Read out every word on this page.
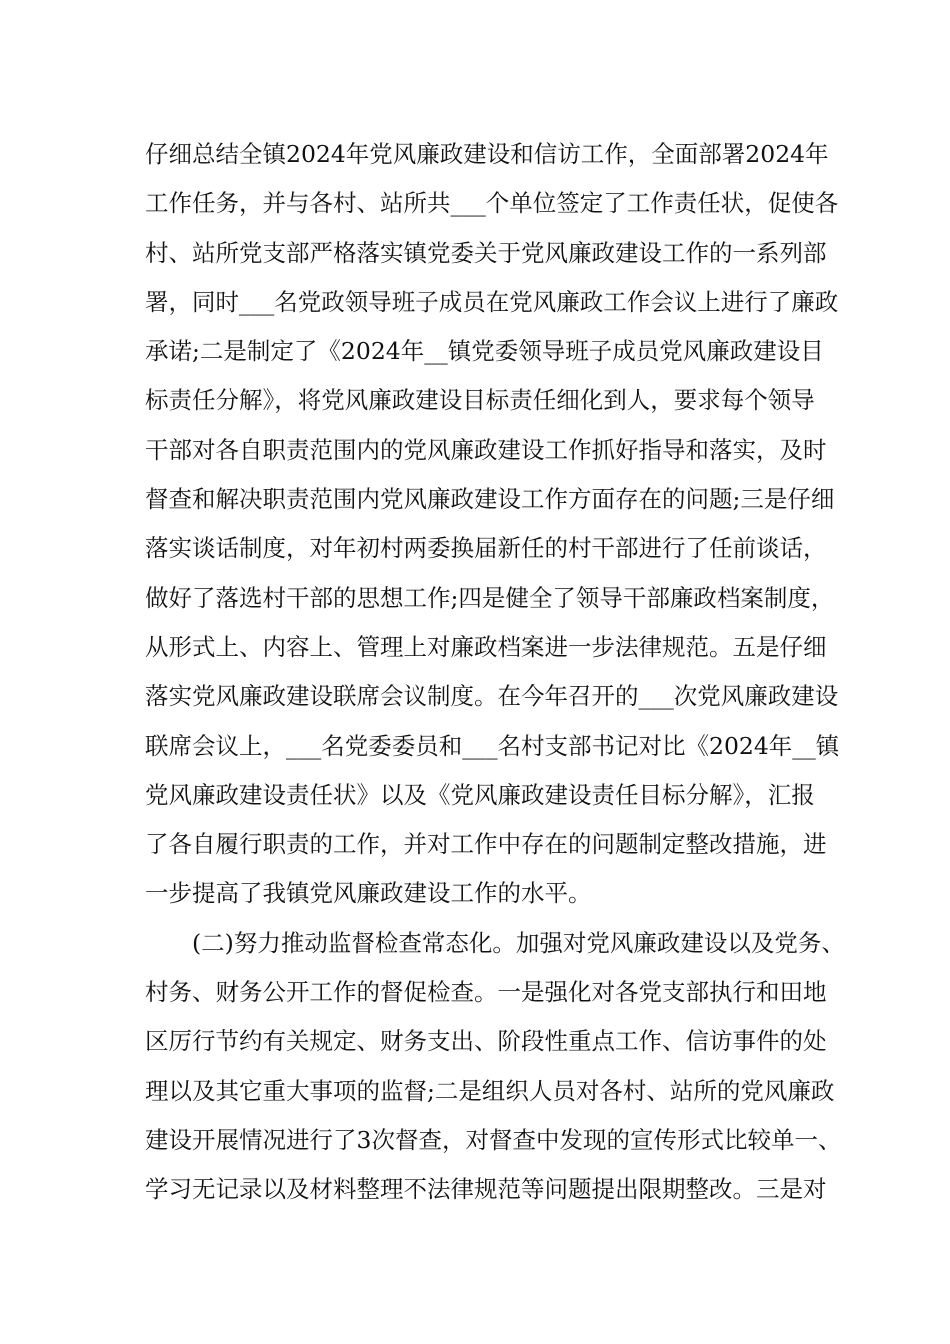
仔细总结全镇2024年党风廉政建设和信访工作，全面部署2024年
工作任务，并与各村、站所共___个单位签定了工作责任状，促使各
村、站所党支部严格落实镇党委关于党风廉政建设工作的一系列部
署，同时___名党政领导班子成员在党风廉政工作会议上进行了廉政
承诺;二是制定了《2024年__镇党委领导班子成员党风廉政建设目
标责任分解》，将党风廉政建设目标责任细化到人，要求每个领导
干部对各自职责范围内的党风廉政建设工作抓好指导和落实，及时
督查和解决职责范围内党风廉政建设工作方面存在的问题;三是仔细
落实谈话制度，对年初村两委换届新任的村干部进行了任前谈话，
做好了落选村干部的思想工作;四是健全了领导干部廉政档案制度，
从形式上、内容上、管理上对廉政档案进一步法律规范。五是仔细
落实党风廉政建设联席会议制度。在今年召开的___次党风廉政建设
联席会议上，___名党委委员和___名村支部书记对比《2024年__镇
党风廉政建设责任状》以及《党风廉政建设责任目标分解》，汇报
了各自履行职责的工作，并对工作中存在的问题制定整改措施，进
一步提高了我镇党风廉政建设工作的水平。
　　(二)努力推动监督检查常态化。加强对党风廉政建设以及党务、
村务、财务公开工作的督促检查。一是强化对各党支部执行和田地
区厉行节约有关规定、财务支出、阶段性重点工作、信访事件的处
理以及其它重大事项的监督;二是组织人员对各村、站所的党风廉政
建设开展情况进行了3次督查，对督查中发现的宣传形式比较单一、
学习无记录以及材料整理不法律规范等问题提出限期整改。三是对
